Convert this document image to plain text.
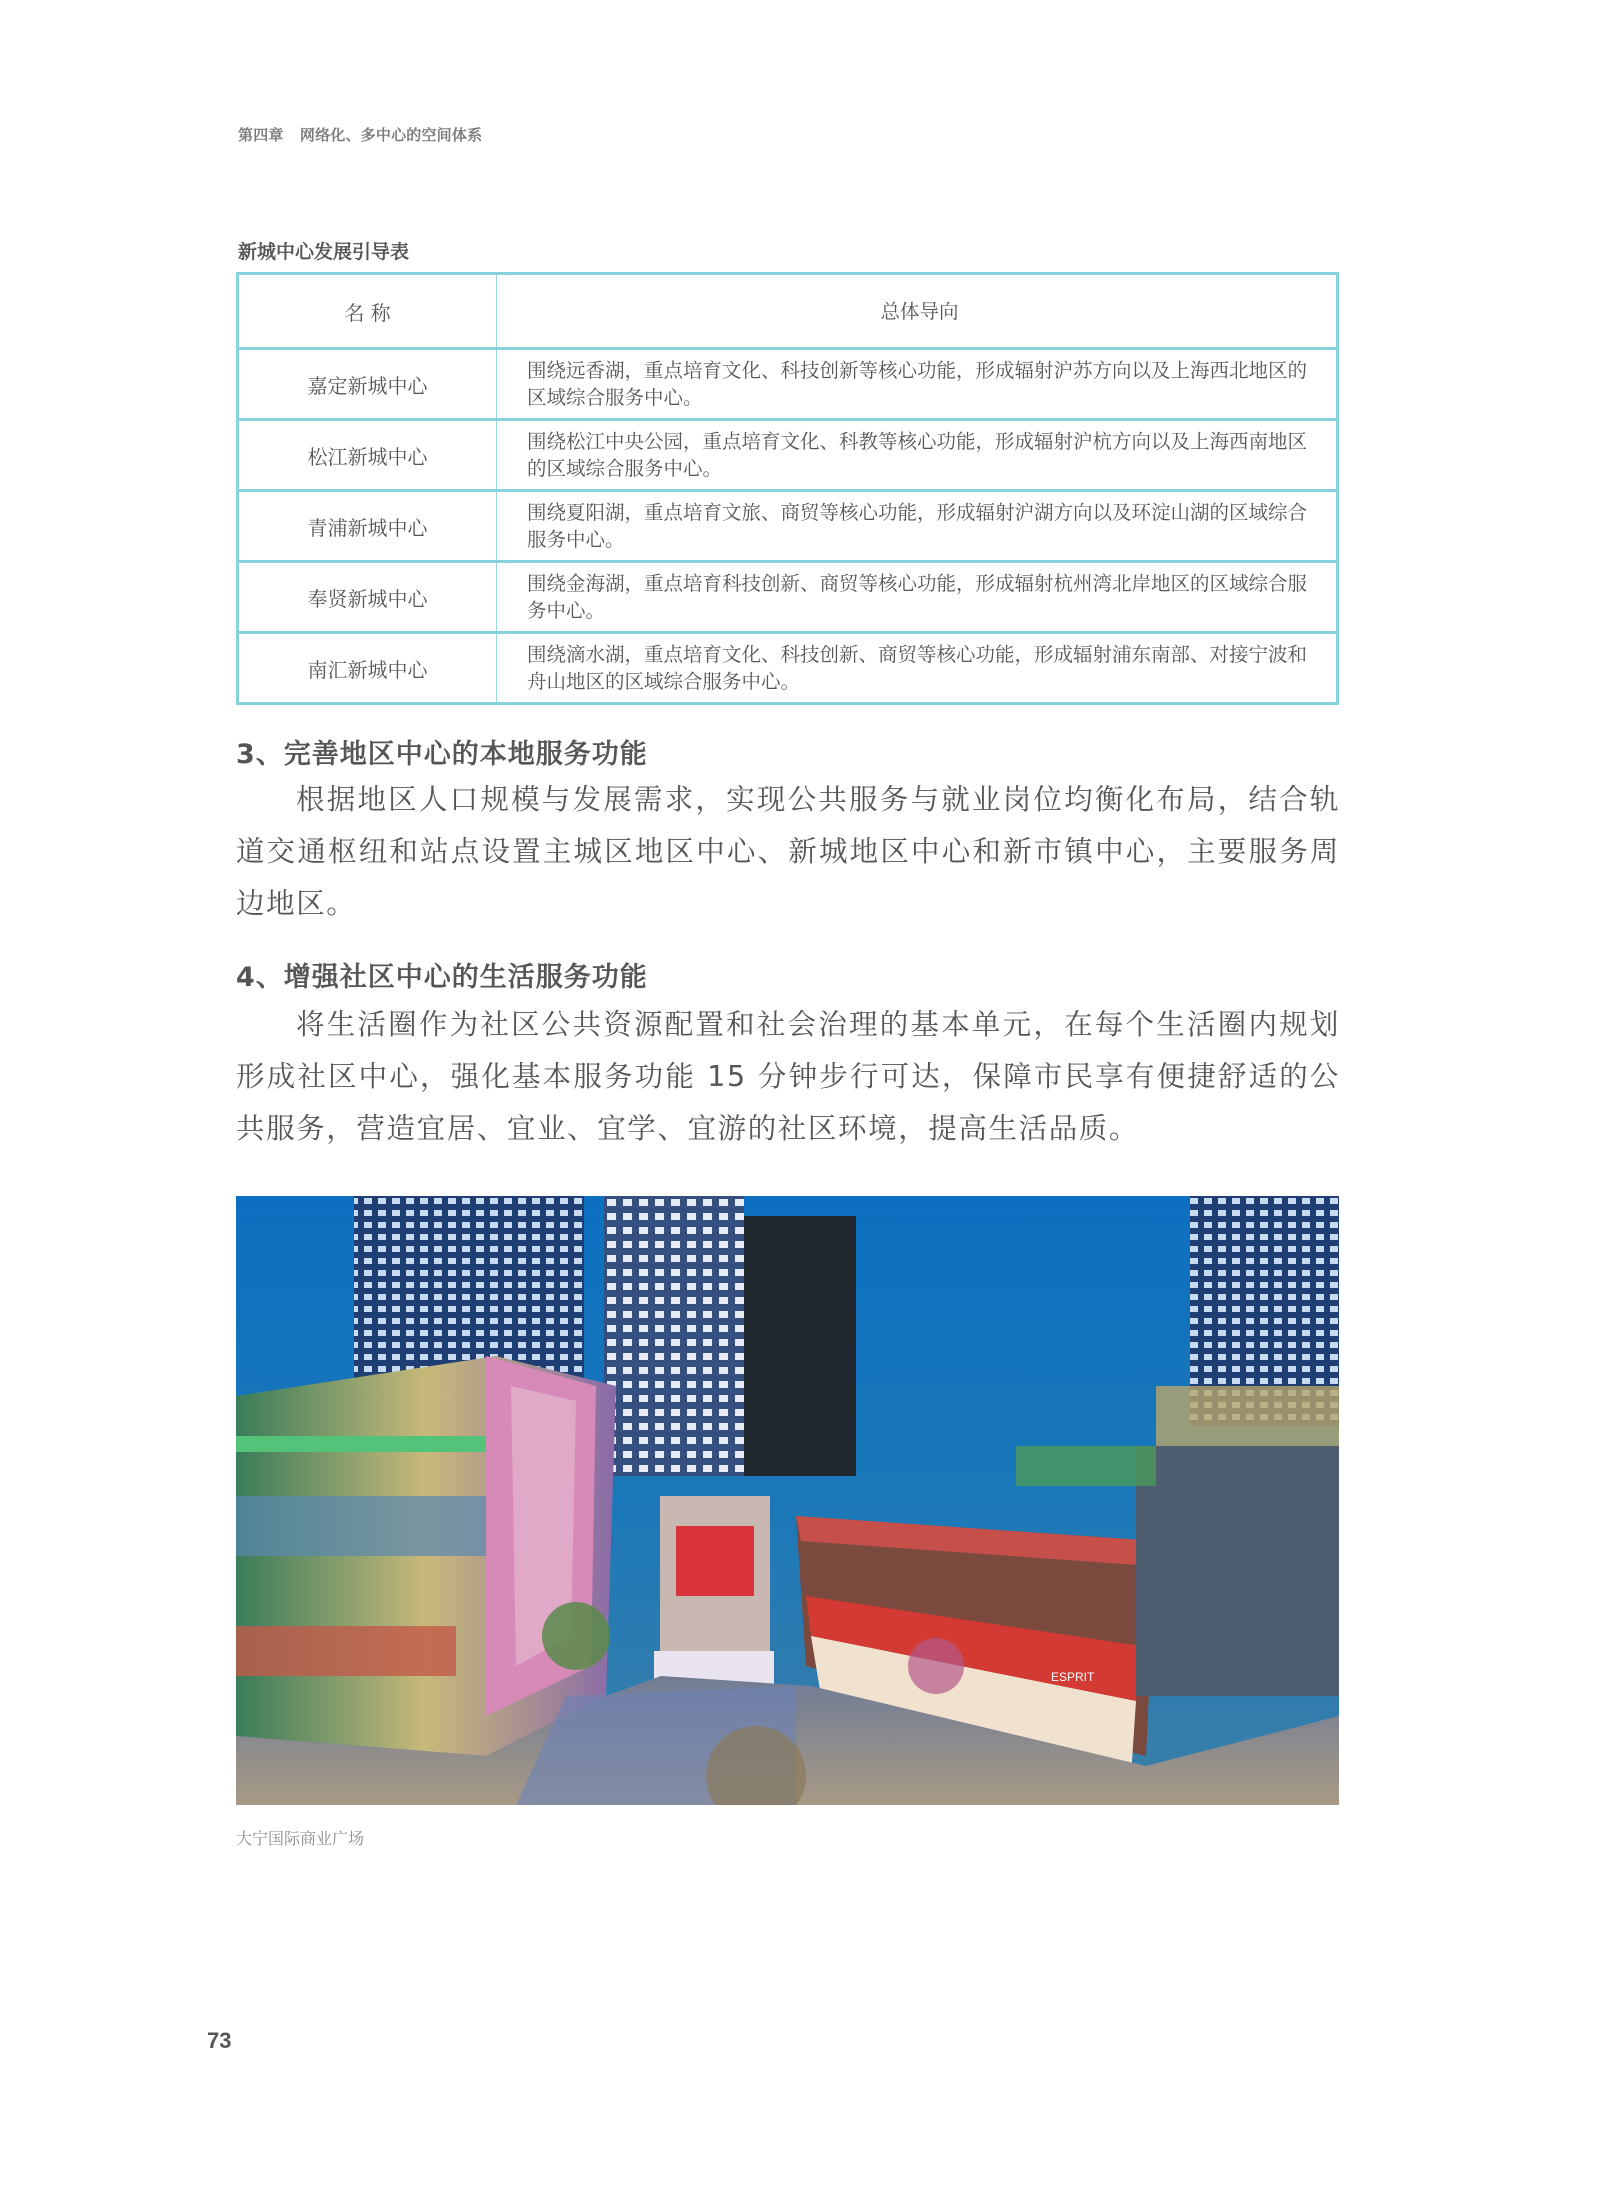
第四章   网络化、多中心的空间体系
新城中心发展引导表
名 称	总体导向
嘉定新城中心	围绕远香湖，重点培育文化、科技创新等核心功能，形成辐射沪苏方向以及上海西北地区的区域综合服务中心。
松江新城中心	围绕松江中央公园，重点培育文化、科教等核心功能，形成辐射沪杭方向以及上海西南地区的区域综合服务中心。
青浦新城中心	围绕夏阳湖，重点培育文旅、商贸等核心功能，形成辐射沪湖方向以及环淀山湖的区域综合服务中心。
奉贤新城中心	围绕金海湖，重点培育科技创新、商贸等核心功能，形成辐射杭州湾北岸地区的区域综合服务中心。
南汇新城中心	围绕滴水湖，重点培育文化、科技创新、商贸等核心功能，形成辐射浦东南部、对接宁波和舟山地区的区域综合服务中心。
3、完善地区中心的本地服务功能
根据地区人口规模与发展需求，实现公共服务与就业岗位均衡化布局，结合轨道交通枢纽和站点设置主城区地区中心、新城地区中心和新市镇中心，主要服务周边地区。
4、增强社区中心的生活服务功能
将生活圈作为社区公共资源配置和社会治理的基本单元，在每个生活圈内规划形成社区中心，强化基本服务功能 15 分钟步行可达，保障市民享有便捷舒适的公共服务，营造宜居、宜业、宜学、宜游的社区环境，提高生活品质。
ESPRIT
大宁国际商业广场
73
